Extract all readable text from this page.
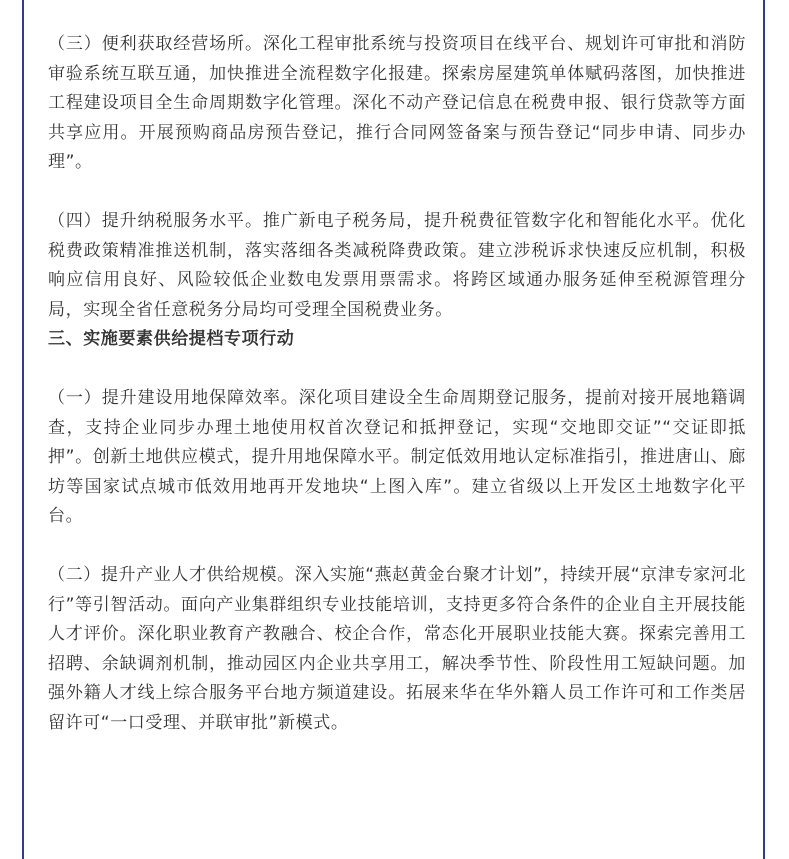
（三）便利获取经营场所。深化工程审批系统与投资项目在线平台、规划许可审批和消防审验系统互联互通，加快推进全流程数字化报建。探索房屋建筑单体赋码落图，加快推进工程建设项目全生命周期数字化管理。深化不动产登记信息在税费申报、银行贷款等方面共享应用。开展预购商品房预告登记，推行合同网签备案与预告登记“同步申请、同步办理”。

（四）提升纳税服务水平。推广新电子税务局，提升税费征管数字化和智能化水平。优化税费政策精准推送机制，落实落细各类减税降费政策。建立涉税诉求快速反应机制，积极响应信用良好、风险较低企业数电发票用票需求。将跨区域通办服务延伸至税源管理分局，实现全省任意税务分局均可受理全国税费业务。

三、实施要素供给提档专项行动

（一）提升建设用地保障效率。深化项目建设全生命周期登记服务，提前对接开展地籍调查，支持企业同步办理土地使用权首次登记和抵押登记，实现“交地即交证”“交证即抵押”。创新土地供应模式，提升用地保障水平。制定低效用地认定标准指引，推进唐山、廊坊等国家试点城市低效用地再开发地块“上图入库”。建立省级以上开发区土地数字化平台。

（二）提升产业人才供给规模。深入实施“燕赵黄金台聚才计划”，持续开展“京津专家河北行”等引智活动。面向产业集群组织专业技能培训，支持更多符合条件的企业自主开展技能人才评价。深化职业教育产教融合、校企合作，常态化开展职业技能大赛。探索完善用工招聘、余缺调剂机制，推动园区内企业共享用工，解决季节性、阶段性用工短缺问题。加强外籍人才线上综合服务平台地方频道建设。拓展来华在华外籍人员工作许可和工作类居留许可“一口受理、并联审批”新模式。
